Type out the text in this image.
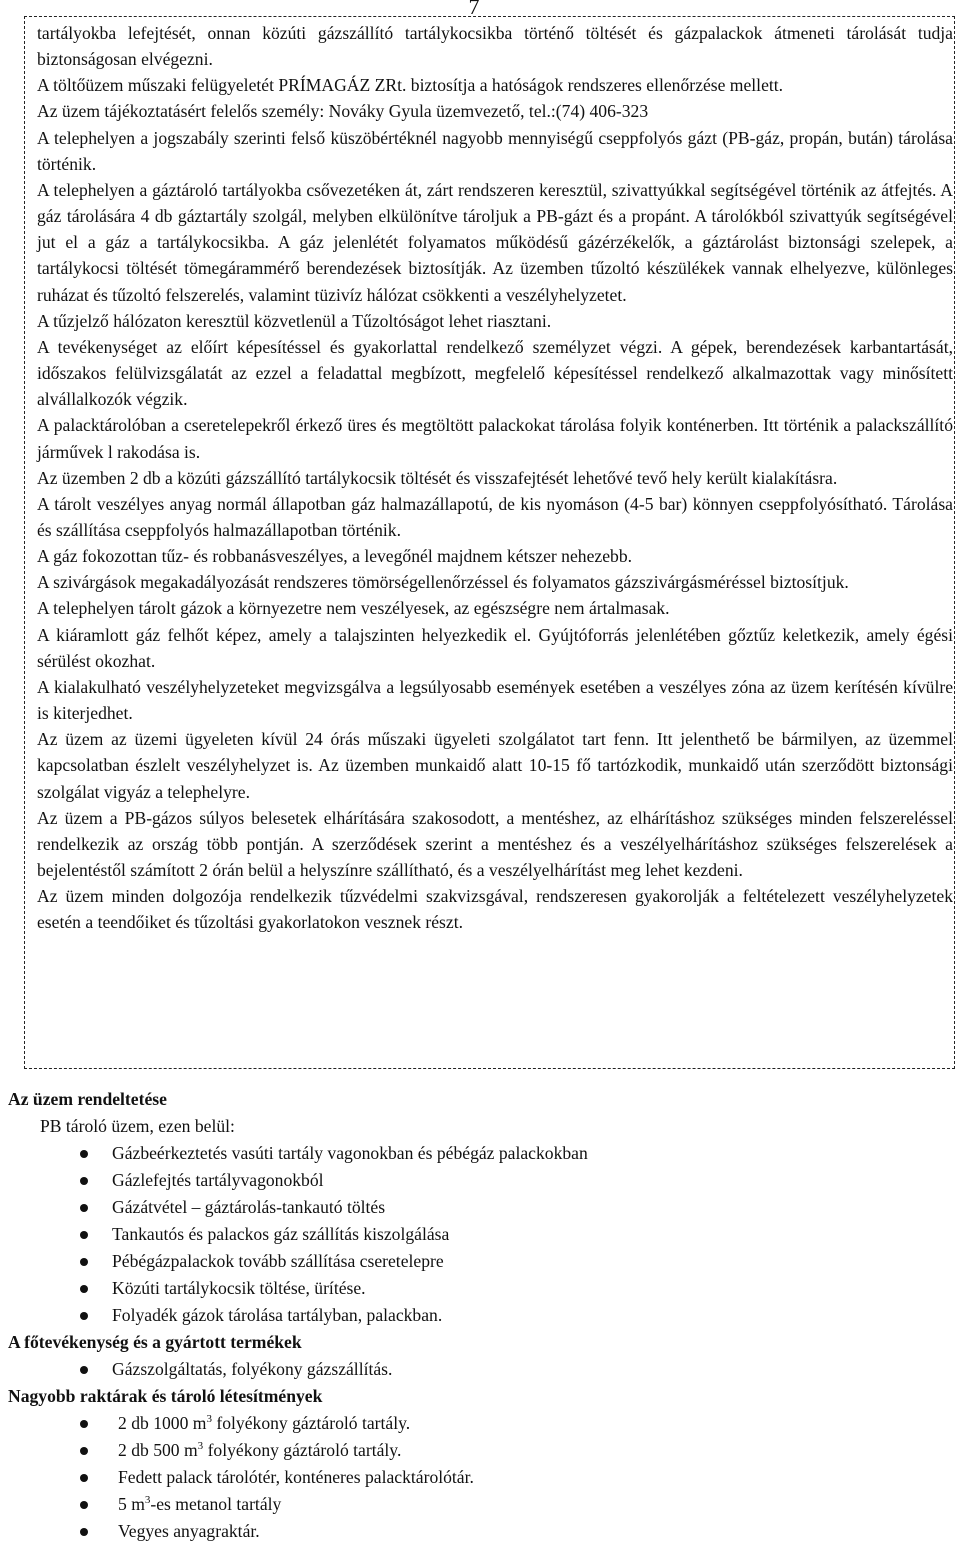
7

tartályokba lefejtését, onnan közúti gázszállító tartálykocsikba történő töltését és gázpalackok átmeneti tárolását tudja biztonságosan elvégezni.

A töltőüzem műszaki felügyeletét PRÍMAGÁZ ZRt. biztosítja a hatóságok rendszeres ellenőrzése mellett.

Az üzem tájékoztatásért felelős személy: Nováky Gyula üzemvezető, tel.:(74) 406-323

A telephelyen a jogszabály szerinti felső küszöbértéknél nagyobb mennyiségű cseppfolyós gázt (PB-gáz, propán, bután) tárolása történik.

A telephelyen a gáztároló tartályokba csővezetéken át, zárt rendszeren keresztül, szivattyúkkal segítségével történik az átfejtés. A gáz tárolására 4 db gáztartály szolgál, melyben elkülönítve tároljuk a PB-gázt és a propánt. A tárolókból szivattyúk segítségével jut el a gáz a tartálykocsikba. A gáz jelenlétét folyamatos működésű gázérzékelők, a gáztárolást biztonsági szelepek, a tartálykocsi töltését tömegárammérő berendezések biztosítják. Az üzemben tűzoltó készülékek vannak elhelyezve, különleges ruházat és tűzoltó felszerelés, valamint tüzivíz hálózat csökkenti a veszélyhelyzetet.

A tűzjelző hálózaton keresztül közvetlenül a Tűzoltóságot lehet riasztani.

A tevékenységet az előírt képesítéssel és gyakorlattal rendelkező személyzet végzi. A gépek, berendezések karbantartását, időszakos felülvizsgálatát az ezzel a feladattal megbízott, megfelelő képesítéssel rendelkező alkalmazottak vagy minősített alvállalkozók végzik.

A palacktárolóban a cseretelepekről érkező üres és megtöltött palackokat tárolása folyik konténerben. Itt történik a palackszállító járművek l rakodása is.

Az üzemben 2 db a közúti gázszállító tartálykocsik töltését és visszafejtését lehetővé tevő hely került kialakításra.

A tárolt veszélyes anyag normál állapotban gáz halmazállapotú, de kis nyomáson (4-5 bar) könnyen cseppfolyósítható. Tárolása és szállítása cseppfolyós halmazállapotban történik.

A gáz fokozottan tűz- és robbanásveszélyes, a levegőnél majdnem kétszer nehezebb.

A szivárgások megakadályozását rendszeres tömörségellenőrzéssel és folyamatos gázszivárgásméréssel biztosítjuk.

A telephelyen tárolt gázok a környezetre nem veszélyesek, az egészségre nem ártalmasak.

A kiáramlott gáz felhőt képez, amely a talajszinten helyezkedik el. Gyújtóforrás jelenlétében gőztűz keletkezik, amely égési sérülést okozhat.

A kialakulható veszélyhelyzeteket megvizsgálva a legsúlyosabb események esetében a veszélyes zóna az üzem kerítésén kívülre is kiterjedhet.

Az üzem az üzemi ügyeleten kívül 24 órás műszaki ügyeleti szolgálatot tart fenn. Itt jelenthető be bármilyen, az üzemmel kapcsolatban észlelt veszélyhelyzet is. Az üzemben munkaidő alatt 10-15 fő tartózkodik, munkaidő után szerződött biztonsági szolgálat vigyáz a telephelyre.

Az üzem a PB-gázos súlyos belesetek elhárítására szakosodott, a mentéshez, az elhárításhoz szükséges minden felszereléssel rendelkezik az ország több pontján. A szerződések szerint a mentéshez és a veszélyelhárításhoz szükséges felszerelések a bejelentéstől számított 2 órán belül a helyszínre szállítható, és a veszélyelhárítást meg lehet kezdeni.

Az üzem minden dolgozója rendelkezik tűzvédelmi szakvizsgával, rendszeresen gyakorolják a feltételezett veszélyhelyzetek esetén a teendőiket és tűzoltási gyakorlatokon vesznek részt.

Az üzem rendeltetése
PB tároló üzem, ezen belül:
Gázbeérkeztetés vasúti tartály vagonokban és pébégáz palackokban
Gázlefejtés tartályvagonokból
Gázátvétel – gáztárolás-tankautó töltés
Tankautós és palackos gáz szállítás kiszolgálása
Pébégázpalackok tovább szállítása cseretelepre
Közúti tartálykocsik töltése, ürítése.
Folyadék gázok tárolása tartályban, palackban.
A főtevékenység és a gyártott termékek
Gázszolgáltatás, folyékony gázszállítás.
Nagyobb raktárak és tároló létesítmények
2 db 1000 $m^3$ folyékony gáztároló tartály.
2 db 500 $m^3$ folyékony gáztároló tartály.
Fedett palack tárolótér, konténeres palacktárolótár.
5 $m^3-es$ metanol tartály
Vegyes anyagraktár.
